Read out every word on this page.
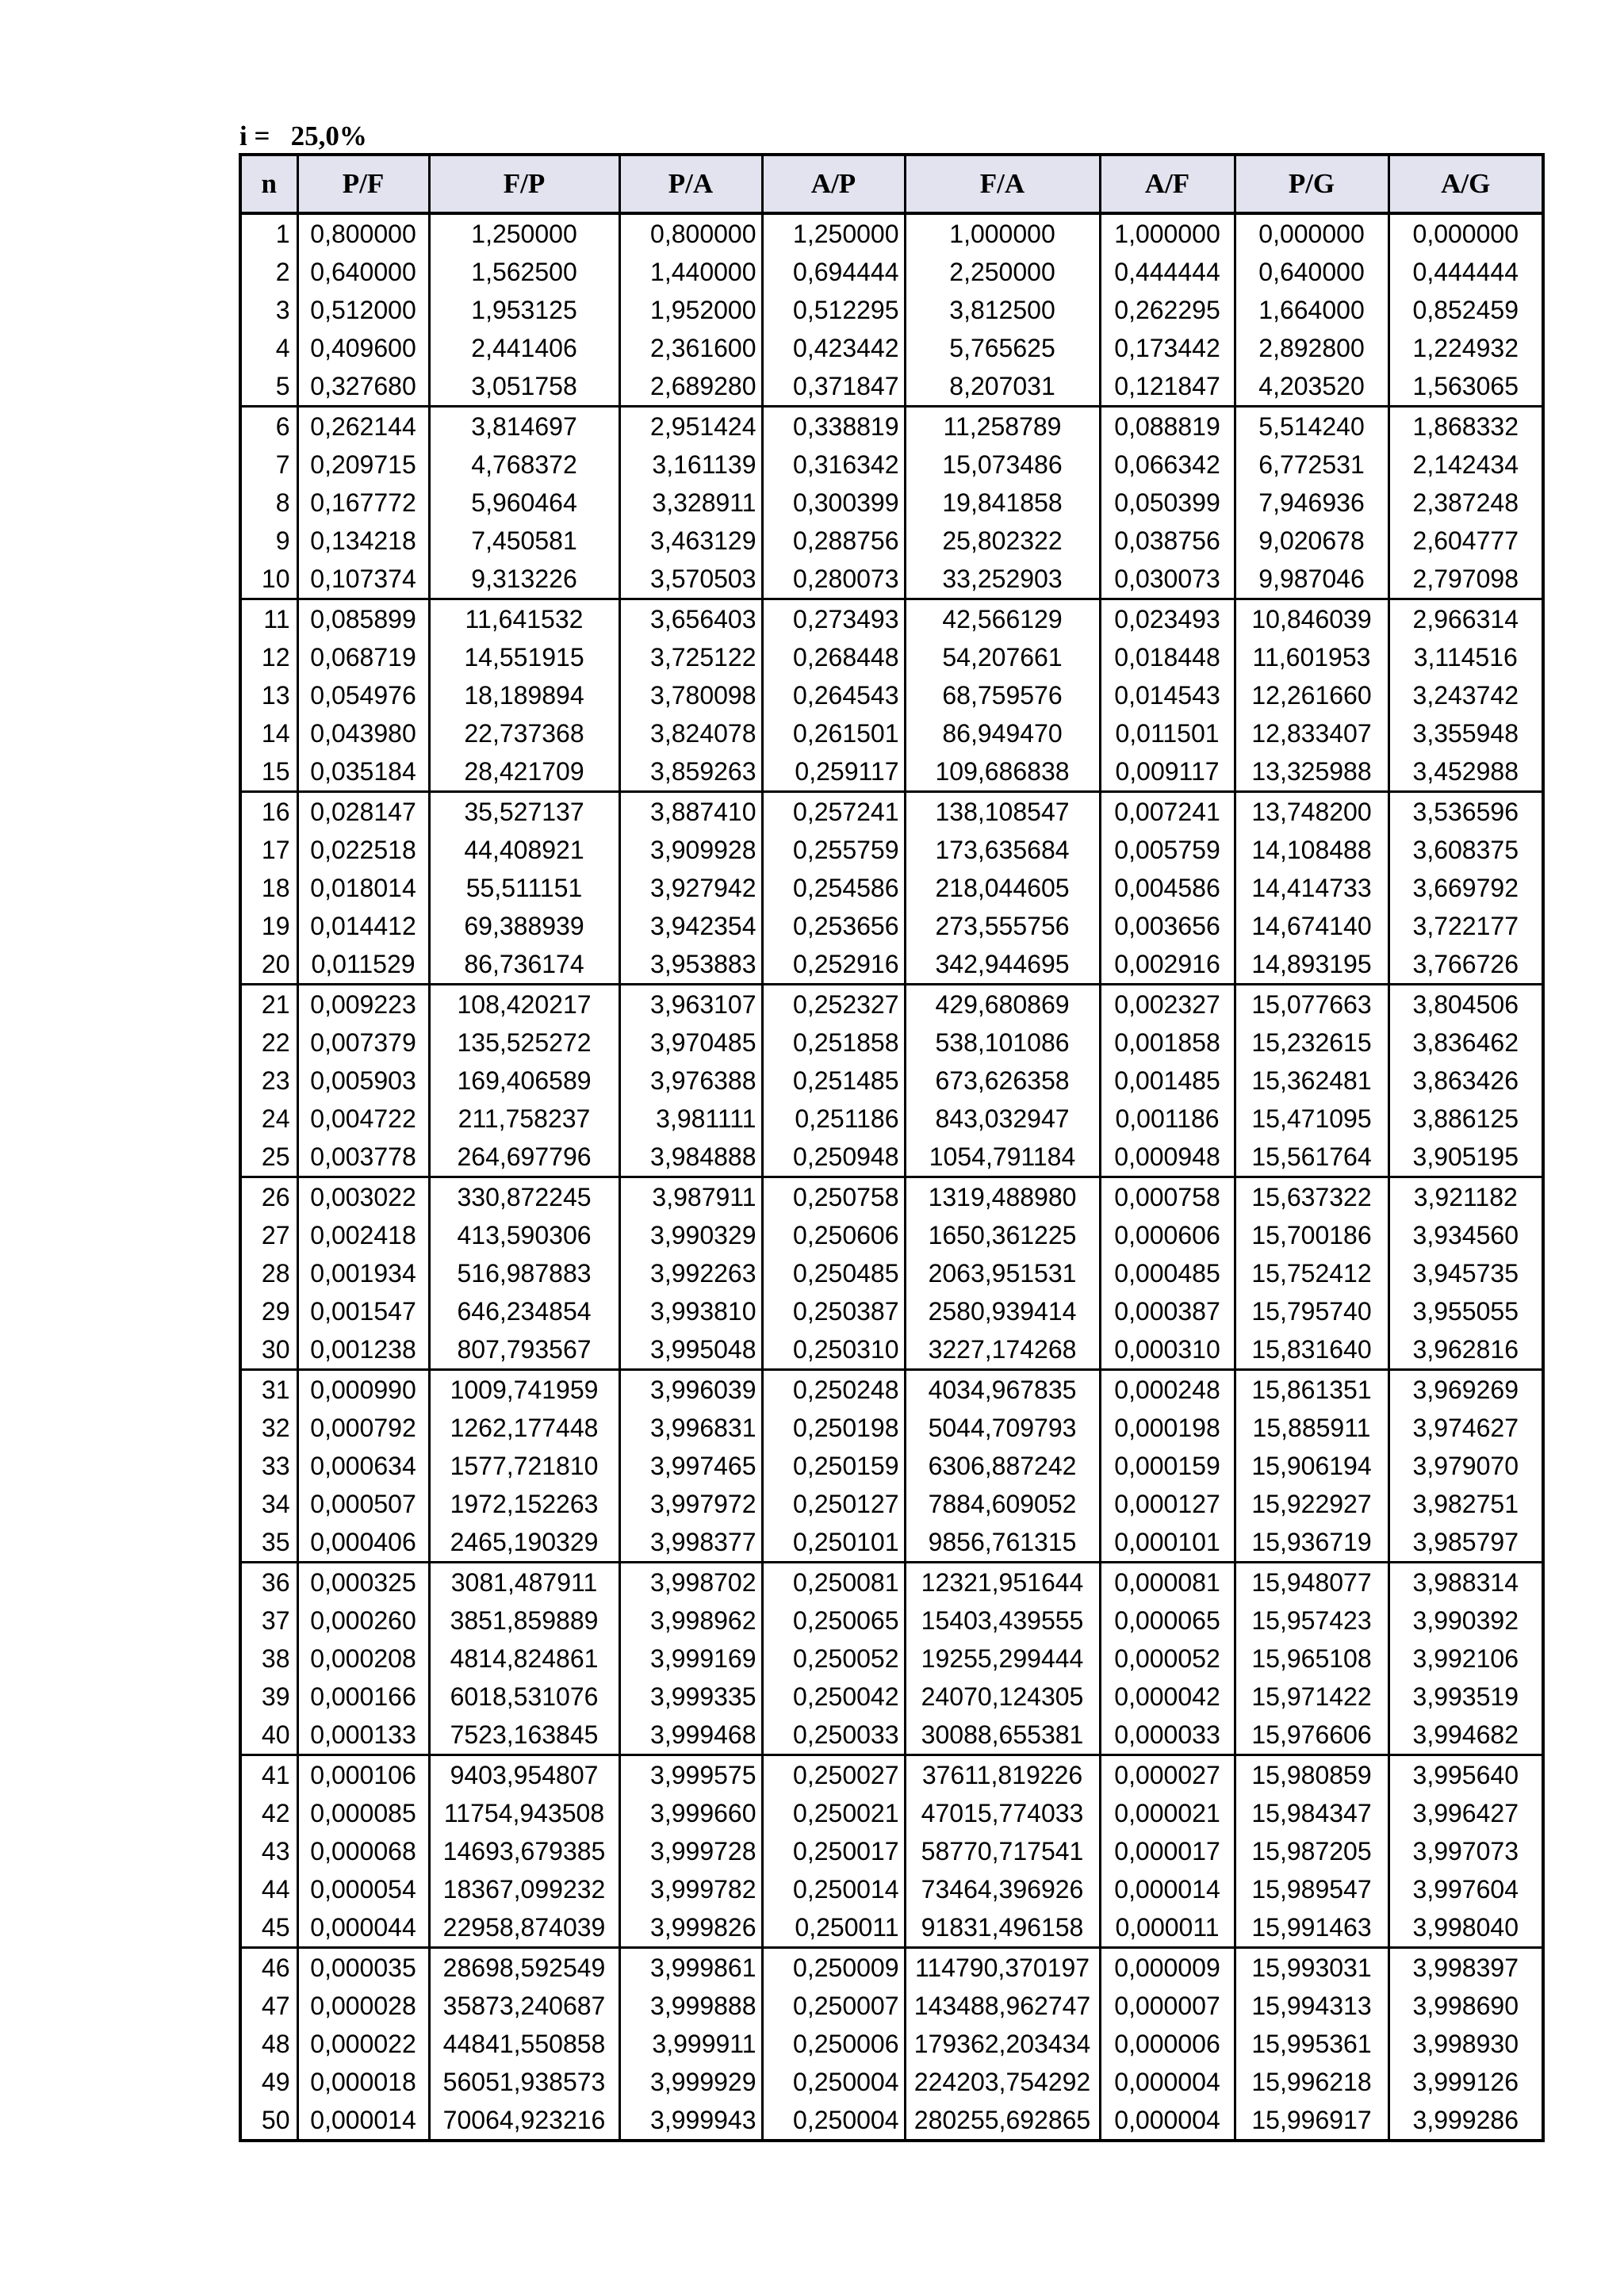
i = 25,0%
n	P/F	F/P	P/A	A/P	F/A	A/F	P/G	A/G
1	0,800000	1,250000	0,800000	1,250000	1,000000	1,000000	0,000000	0,000000
2	0,640000	1,562500	1,440000	0,694444	2,250000	0,444444	0,640000	0,444444
3	0,512000	1,953125	1,952000	0,512295	3,812500	0,262295	1,664000	0,852459
4	0,409600	2,441406	2,361600	0,423442	5,765625	0,173442	2,892800	1,224932
5	0,327680	3,051758	2,689280	0,371847	8,207031	0,121847	4,203520	1,563065
6	0,262144	3,814697	2,951424	0,338819	11,258789	0,088819	5,514240	1,868332
7	0,209715	4,768372	3,161139	0,316342	15,073486	0,066342	6,772531	2,142434
8	0,167772	5,960464	3,328911	0,300399	19,841858	0,050399	7,946936	2,387248
9	0,134218	7,450581	3,463129	0,288756	25,802322	0,038756	9,020678	2,604777
10	0,107374	9,313226	3,570503	0,280073	33,252903	0,030073	9,987046	2,797098
11	0,085899	11,641532	3,656403	0,273493	42,566129	0,023493	10,846039	2,966314
12	0,068719	14,551915	3,725122	0,268448	54,207661	0,018448	11,601953	3,114516
13	0,054976	18,189894	3,780098	0,264543	68,759576	0,014543	12,261660	3,243742
14	0,043980	22,737368	3,824078	0,261501	86,949470	0,011501	12,833407	3,355948
15	0,035184	28,421709	3,859263	0,259117	109,686838	0,009117	13,325988	3,452988
16	0,028147	35,527137	3,887410	0,257241	138,108547	0,007241	13,748200	3,536596
17	0,022518	44,408921	3,909928	0,255759	173,635684	0,005759	14,108488	3,608375
18	0,018014	55,511151	3,927942	0,254586	218,044605	0,004586	14,414733	3,669792
19	0,014412	69,388939	3,942354	0,253656	273,555756	0,003656	14,674140	3,722177
20	0,011529	86,736174	3,953883	0,252916	342,944695	0,002916	14,893195	3,766726
21	0,009223	108,420217	3,963107	0,252327	429,680869	0,002327	15,077663	3,804506
22	0,007379	135,525272	3,970485	0,251858	538,101086	0,001858	15,232615	3,836462
23	0,005903	169,406589	3,976388	0,251485	673,626358	0,001485	15,362481	3,863426
24	0,004722	211,758237	3,981111	0,251186	843,032947	0,001186	15,471095	3,886125
25	0,003778	264,697796	3,984888	0,250948	1054,791184	0,000948	15,561764	3,905195
26	0,003022	330,872245	3,987911	0,250758	1319,488980	0,000758	15,637322	3,921182
27	0,002418	413,590306	3,990329	0,250606	1650,361225	0,000606	15,700186	3,934560
28	0,001934	516,987883	3,992263	0,250485	2063,951531	0,000485	15,752412	3,945735
29	0,001547	646,234854	3,993810	0,250387	2580,939414	0,000387	15,795740	3,955055
30	0,001238	807,793567	3,995048	0,250310	3227,174268	0,000310	15,831640	3,962816
31	0,000990	1009,741959	3,996039	0,250248	4034,967835	0,000248	15,861351	3,969269
32	0,000792	1262,177448	3,996831	0,250198	5044,709793	0,000198	15,885911	3,974627
33	0,000634	1577,721810	3,997465	0,250159	6306,887242	0,000159	15,906194	3,979070
34	0,000507	1972,152263	3,997972	0,250127	7884,609052	0,000127	15,922927	3,982751
35	0,000406	2465,190329	3,998377	0,250101	9856,761315	0,000101	15,936719	3,985797
36	0,000325	3081,487911	3,998702	0,250081	12321,951644	0,000081	15,948077	3,988314
37	0,000260	3851,859889	3,998962	0,250065	15403,439555	0,000065	15,957423	3,990392
38	0,000208	4814,824861	3,999169	0,250052	19255,299444	0,000052	15,965108	3,992106
39	0,000166	6018,531076	3,999335	0,250042	24070,124305	0,000042	15,971422	3,993519
40	0,000133	7523,163845	3,999468	0,250033	30088,655381	0,000033	15,976606	3,994682
41	0,000106	9403,954807	3,999575	0,250027	37611,819226	0,000027	15,980859	3,995640
42	0,000085	11754,943508	3,999660	0,250021	47015,774033	0,000021	15,984347	3,996427
43	0,000068	14693,679385	3,999728	0,250017	58770,717541	0,000017	15,987205	3,997073
44	0,000054	18367,099232	3,999782	0,250014	73464,396926	0,000014	15,989547	3,997604
45	0,000044	22958,874039	3,999826	0,250011	91831,496158	0,000011	15,991463	3,998040
46	0,000035	28698,592549	3,999861	0,250009	114790,370197	0,000009	15,993031	3,998397
47	0,000028	35873,240687	3,999888	0,250007	143488,962747	0,000007	15,994313	3,998690
48	0,000022	44841,550858	3,999911	0,250006	179362,203434	0,000006	15,995361	3,998930
49	0,000018	56051,938573	3,999929	0,250004	224203,754292	0,000004	15,996218	3,999126
50	0,000014	70064,923216	3,999943	0,250004	280255,692865	0,000004	15,996917	3,999286
